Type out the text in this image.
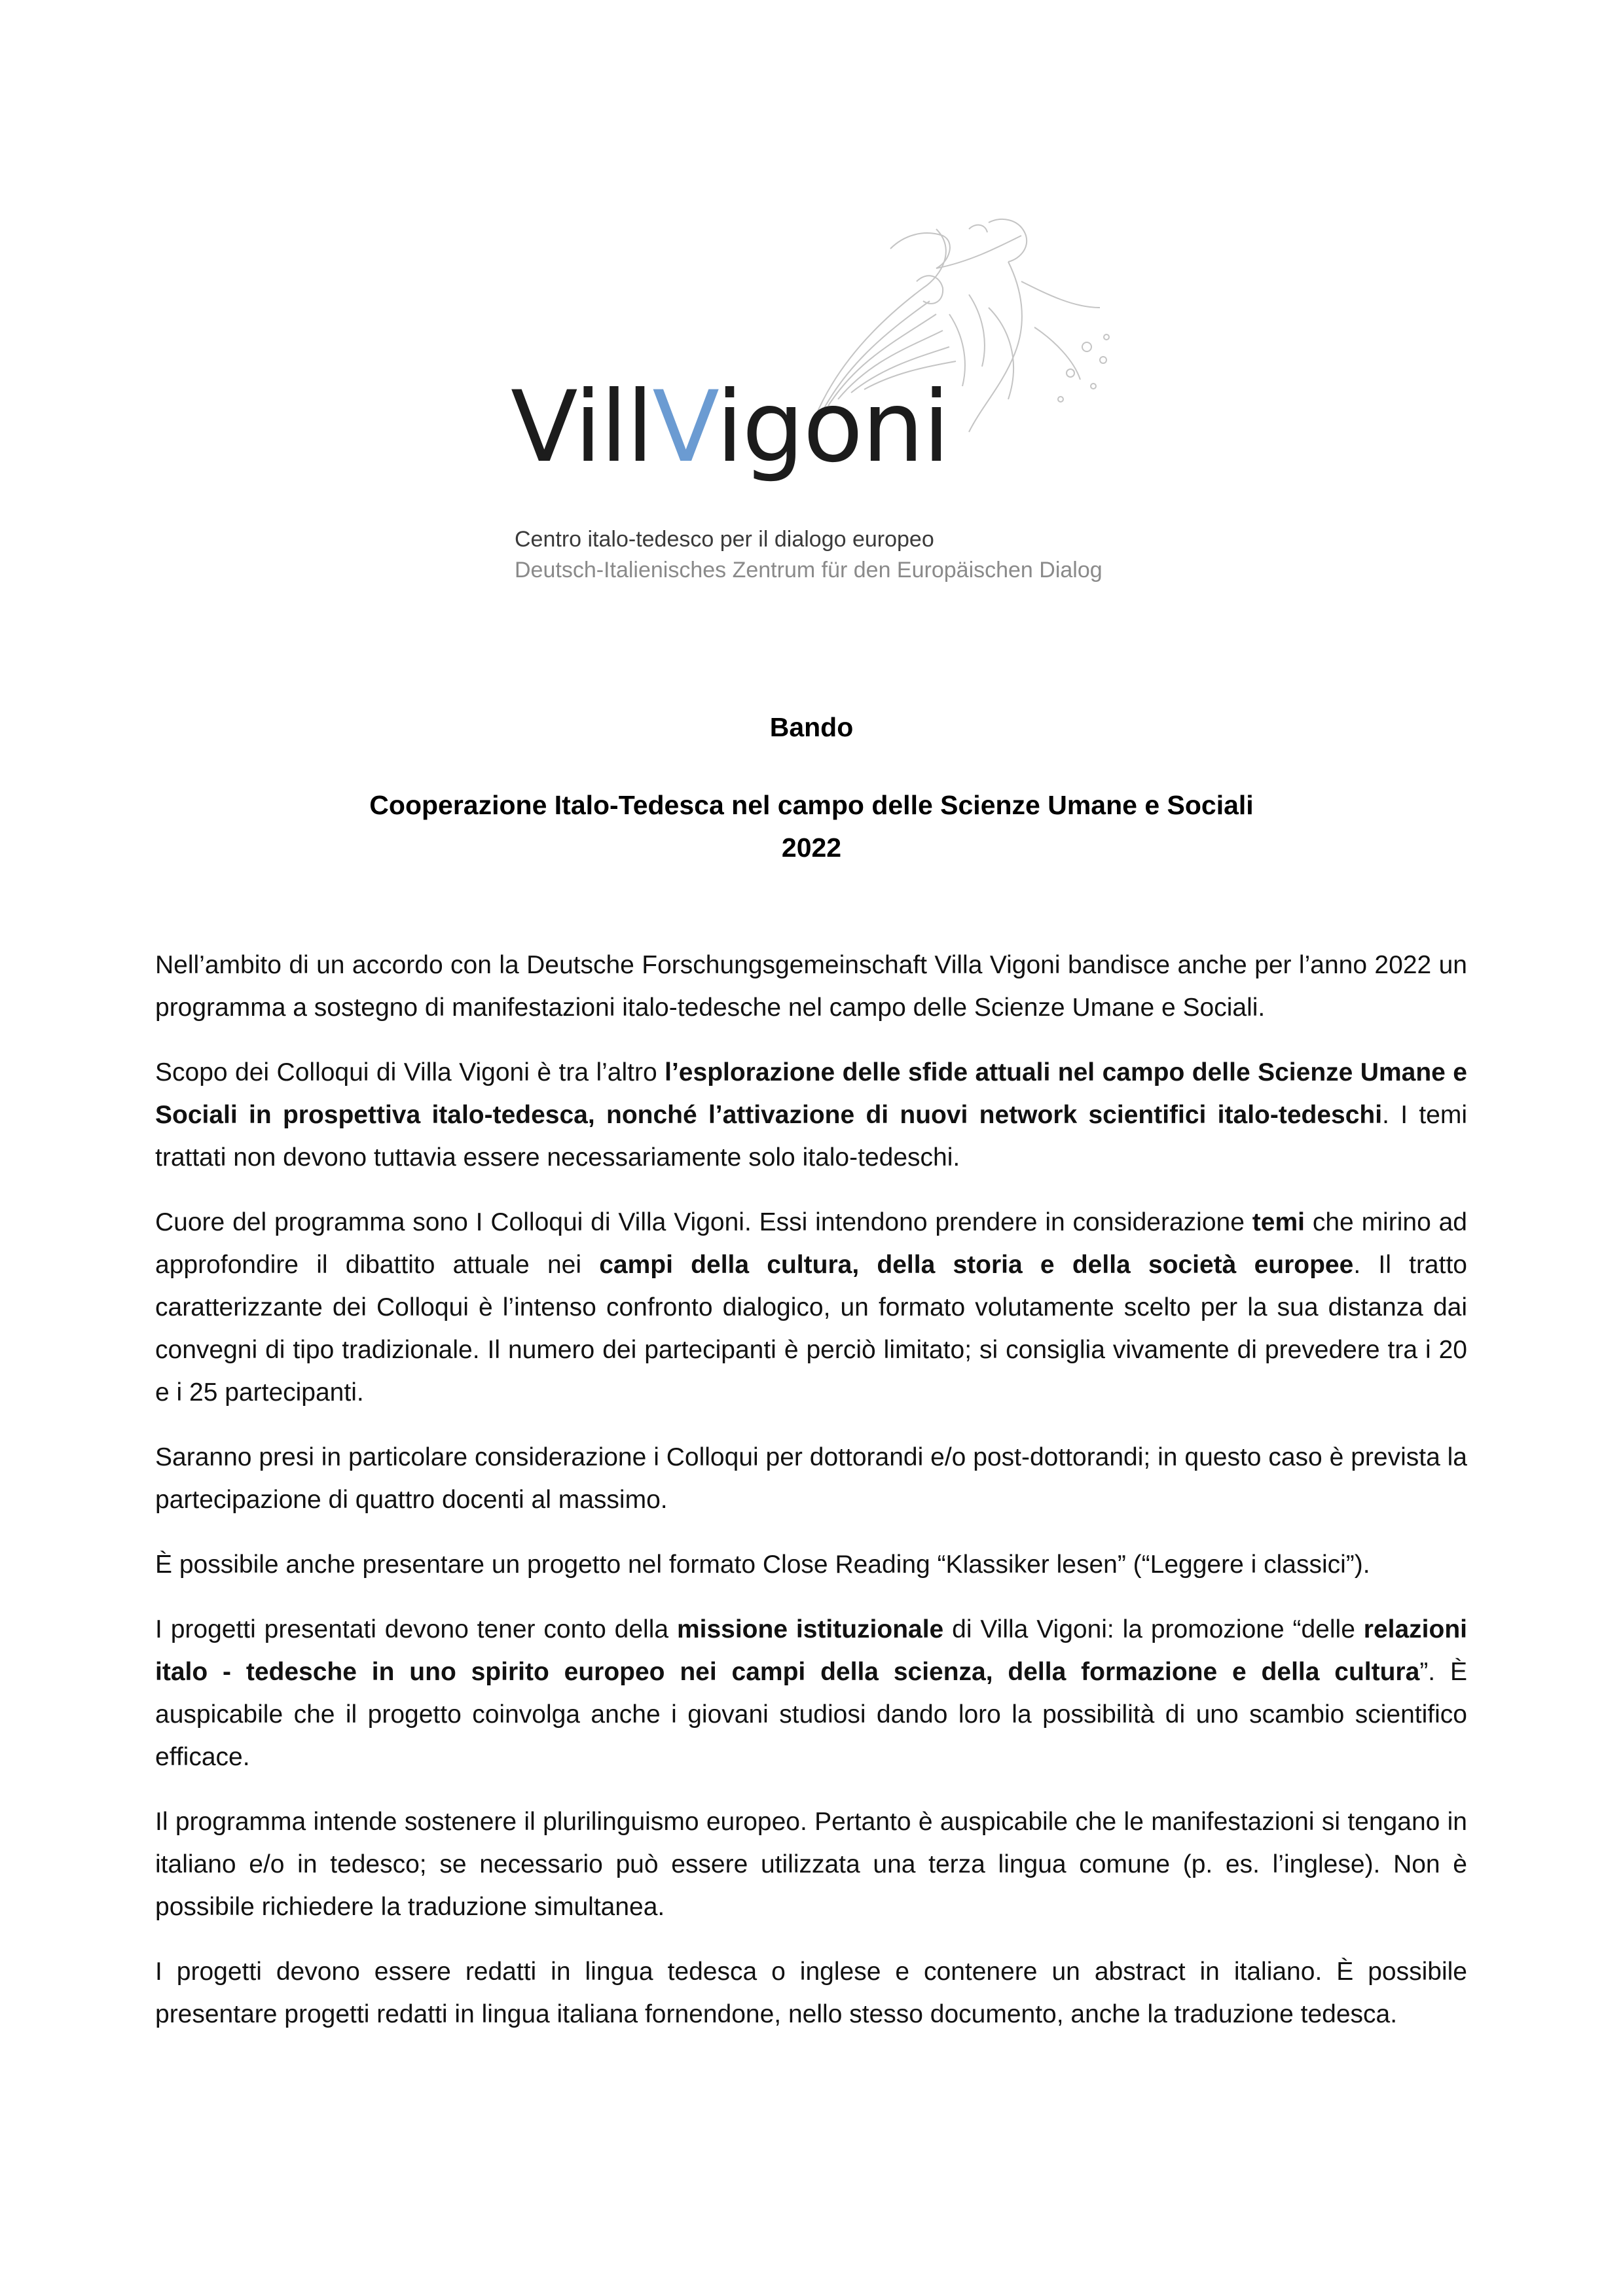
VillVigoni
Centro italo-tedesco per il dialogo europeo
Deutsch-Italienisches Zentrum für den Europäischen Dialog
Bando
Cooperazione Italo-Tedesca nel campo delle Scienze Umane e Sociali
2022

Nell’ambito di un accordo con la Deutsche Forschungsgemeinschaft Villa Vigoni bandisce anche per l’anno 2022 un programma a sostegno di manifestazioni italo-tedesche nel campo delle Scienze Umane e Sociali.

Scopo dei Colloqui di Villa Vigoni è tra l’altro l’esplorazione delle sfide attuali nel campo delle Scienze Umane e Sociali in prospettiva italo-tedesca, nonché l’attivazione di nuovi network scientifici italo-tedeschi. I temi trattati non devono tuttavia essere necessariamente solo italo-tedeschi.

Cuore del programma sono I Colloqui di Villa Vigoni. Essi intendono prendere in considerazione temi che mirino ad approfondire il dibattito attuale nei campi della cultura, della storia e della società europee. Il tratto caratterizzante dei Colloqui è l’intenso confronto dialogico, un formato volutamente scelto per la sua distanza dai convegni di tipo tradizionale. Il numero dei partecipanti è perciò limitato; si consiglia vivamente di prevedere tra i 20 e i 25 partecipanti.

Saranno presi in particolare considerazione i Colloqui per dottorandi e/o post-dottorandi; in questo caso è prevista la partecipazione di quattro docenti al massimo.

È possibile anche presentare un progetto nel formato Close Reading “Klassiker lesen” (“Leggere i classici”).

I progetti presentati devono tener conto della missione istituzionale di Villa Vigoni: la promozione “delle relazioni italo - tedesche in uno spirito europeo nei campi della scienza, della formazione e della cultura”. È auspicabile che il progetto coinvolga anche i giovani studiosi dando loro la possibilità di uno scambio scientifico efficace.

Il programma intende sostenere il plurilinguismo europeo. Pertanto è auspicabile che le manifestazioni si tengano in italiano e/o in tedesco; se necessario può essere utilizzata una terza lingua comune (p. es. l’inglese). Non è possibile richiedere la traduzione simultanea.

I progetti devono essere redatti in lingua tedesca o inglese e contenere un abstract in italiano. È possibile presentare progetti redatti in lingua italiana fornendone, nello stesso documento, anche la traduzione tedesca.
